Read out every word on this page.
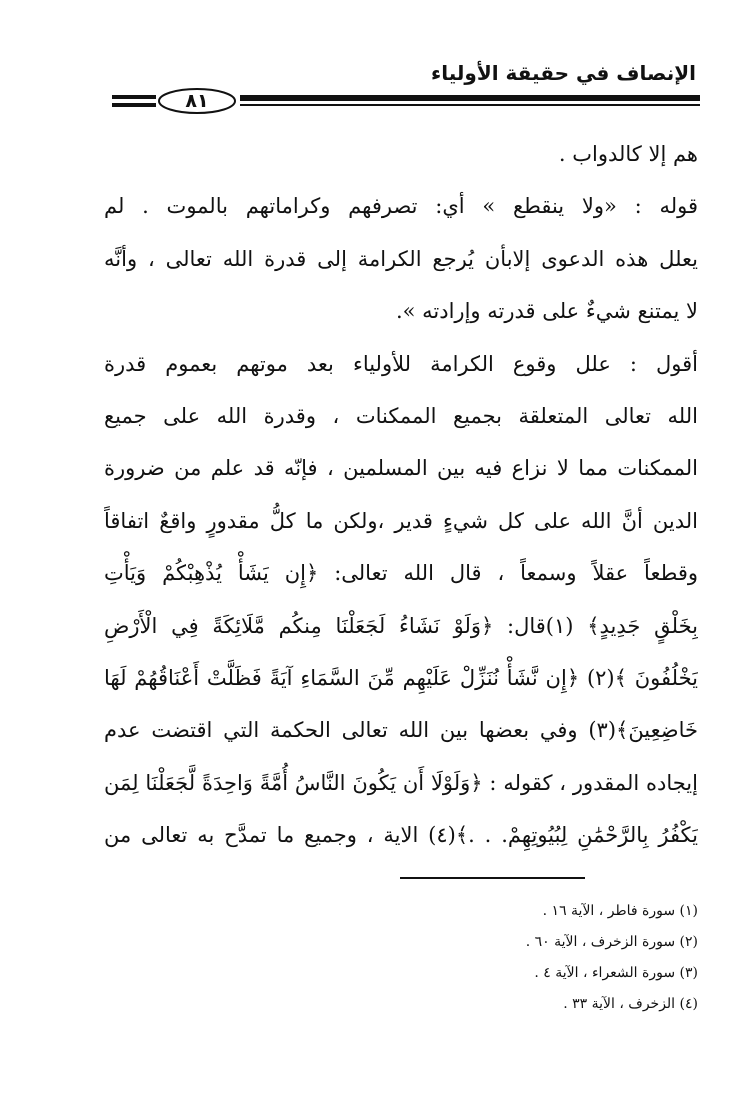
الإنصاف في حقيقة الأولياء
٨١
هم إلا كالدواب .
قوله : «ولا ينقطع » أي: تصرفهم وكراماتهم بالموت . لم
يعلل هذه الدعوى إلابأن يُرجع الكرامة إلى قدرة الله تعالى ، وأنَّه
لا يمتنع شيءٌ على قدرته وإرادته ».
أقول : علل وقوع الكرامة للأولياء بعد موتهم بعموم قدرة
الله تعالى المتعلقة بجميع الممكنات ، وقدرة الله على جميع
الممكنات مما لا نزاع فيه بين المسلمين ، فإنّه قد علم من ضرورة
الدين أنَّ الله على كل شيءٍ قدير ،ولكن ما كلُّ مقدورٍ واقعٌ اتفاقاً
وقطعاً عقلاً وسمعاً ، قال الله تعالى: ﴿إِن يَشَأْ يُذْهِبْكُمْ وَيَأْتِ
بِخَلْقٍ جَدِيدٍ﴾ (١)قال: ﴿وَلَوْ نَشَاءُ لَجَعَلْنَا مِنكُم مَّلَائِكَةً فِي الْأَرْضِ
يَخْلُفُونَ ﴾(٢) ﴿إِن نَّشَأْ نُنَزِّلْ عَلَيْهِم مِّنَ السَّمَاءِ آيَةً فَظَلَّتْ أَعْنَاقُهُمْ لَهَا
خَاضِعِينَ﴾(٣) وفي بعضها بين الله تعالى الحكمة التي اقتضت عدم
إيجاده المقدور ، كقوله : ﴿وَلَوْلَا أَن يَكُونَ النَّاسُ أُمَّةً وَاحِدَةً لَّجَعَلْنَا لِمَن
يَكْفُرُ بِالرَّحْمَٰنِ لِبُيُوتِهِمْ. . .﴾(٤) الاية ، وجميع ما تمدَّح به تعالى من
(١) سورة فاطر ، الآية ١٦ .
(٢) سورة الزخرف ، الآية ٦٠ .
(٣) سورة الشعراء ، الآية ٤ .
(٤) الزخرف ، الآية ٣٣ .
